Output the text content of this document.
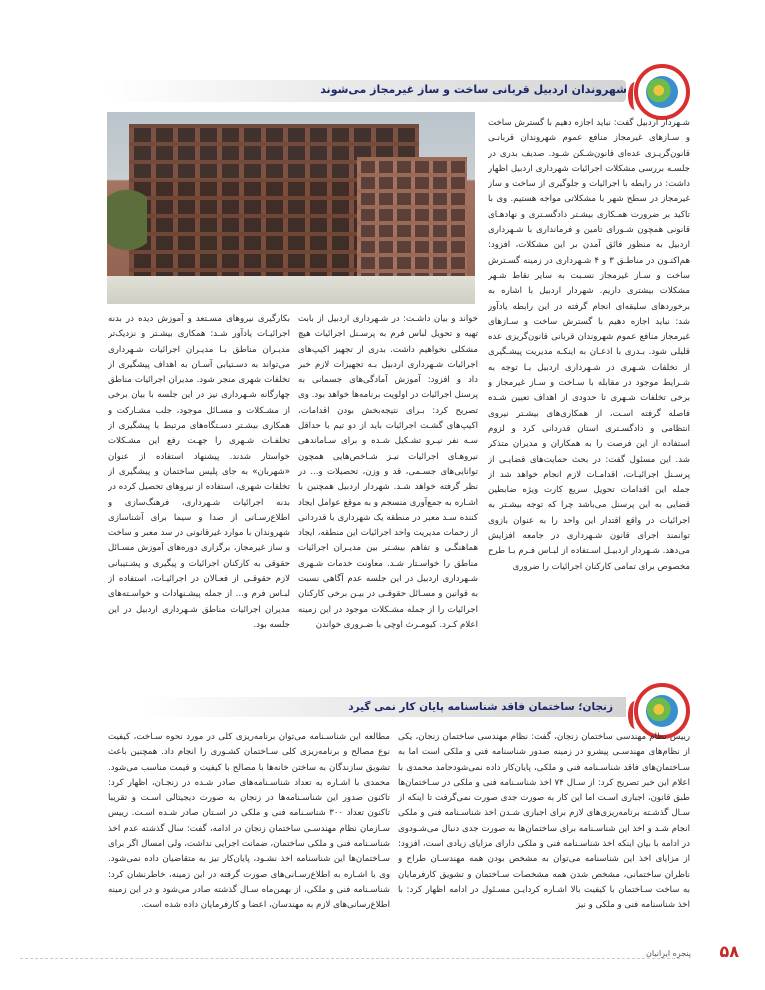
شهروندان اردبیل قربانی ساخت و ساز غیرمجاز می‌شوند

شـهردار اردبیل گفت: نباید اجازه دهیم با گسترش ساخت و سـازهای غیرمجاز منافع عموم شهروندان قربانـی قانون‌گریـزی عده‌ای قانون‌شـکن شـود. صدیف بدری در جلسـه بررسی مشکلات اجرائیات شهرداری اردبیل اظهار داشت: در رابطه با اجرائیات و جلوگیری از ساخت و ساز غیرمجاز در سطح شهر با مشکلاتی مواجه هستیم. وی با تاکید بر ضرورت همـکاری بیشـتر دادگسـتری و نهادهـای قانونی همچون شـورای تامین و فرمانداری با شـهرداری اردبیل به منظور فائق آمدن بر این مشکلات، افزود: هم‌اکنـون در مناطـق ۳ و ۴ شـهرداری در زمینه گسـترش ساخت و سـاز غیرمجاز نسـبت به سایر نقاط شـهر مشکلات بیشتری داریم. شهردار اردبیل با اشاره به برخوردهای سلیقه‌ای انجام گرفته در این رابطه یادآور شد: نباید اجازه دهیم با گسترش ساخت و سـازهای غیرمجاز منافع عموم شهروندان قربانی قانون‌گریزی عده قلیلی شود. بـدری با اذعـان به اینکـه مدیریت پیشـگیری از تخلفات شـهری در شـهرداری اردبیل بـا توجه به شـرایط موجود در مقابله با سـاخت و سـاز غیرمجاز و برخی تخلفات شـهری تا حدودی از اهداف تعیین شـده فاصله گرفته اسـت، از همکاری‌های بیشـتر نیروی انتظامی و دادگسـتری استان قدردانی کرد و لزوم استفاده از این فرصت را به همکاران و مدیران متذکر شد. این مسئول گفت: در بحث حمایت‌های قضایـی از پرسـنل اجرائیـات، اقدامـات لازم انجام خواهد شد از جمله این اقدامات تحویل سریع کارت ویژه ضابطین قضایی به این پرسنل می‌باشد چرا که توجه بیشـتر به اجرائیات در واقع اقتدار این واحد را به عنوان بازوی توانمند اجرای قانون شـهرداری در جامعه افزایش می‌دهد. شـهردار اردبیـل اسـتفاده از لبـاس فـرم بـا طرح مخصوص برای تمامی کارکنان اجرائیات را ضروری

خواند و بیان داشـت: در شـهرداری اردبیل از بابت تهیه و تحویل لباس فرم به پرسـنل اجرائیات هیچ مشکلی نخواهیم داشت. بدری از تجهیز اکیپ‌های اجرائیات شـهرداری اردبیل بـه تجهیزات لازم خبر داد و افزود: آموزش آمادگی‌های جسمانی به پرسنل اجرائیات در اولویت برنامه‌ها خواهد بود. وی تصریح کرد: بـرای نتیجه‌بخش بودن اقدامات، اکیپ‌های گشـت اجرائیات باید از دو تیم با حداقل سـه نفر نیـرو تشـکیل شـده و برای سـاماندهی نیروهـای اجرائیات نیـز شـاخص‌هایی همچون توانایی‌های جسـمی، قد و وزن، تحصیلات و... در نظر گرفته خواهد شـد. شهردار اردبیل همچنین با اشـاره به جمع‌آوری منسجم و به موقع عوامل ایجاد کننده سـد معبر در منطقه یک شهرداری با قدردانی از زحمات مدیریت واحد اجرائیات این منطقه، ایجاد هماهنگـی و تفاهم بیشـتر بین مدیـران اجرائیات مناطق را خواسـتار شـد. معاونت خدمات شـهری شـهرداری اردبیل در این جلسه عدم آگاهی نسبت به قوانین و مسـائل حقوقـی در بیـن برخی کارکنان اجرائیات را از جمله مشـکلات موجود در این زمینه اعلام کـرد. کیومـرث اوچی با ضـروری خواندن

بکارگیری نیروهای مسـتعد و آموزش دیده در بدنه اجرائیـات یادآور شـد: همکاری بیشـتر و نزدیک‌تر مدیـران مناطق بـا مدیـران اجرائیات شـهرداری می‌تواند به دسـتیابی آسـان به اهداف پیشگیری از تخلفات شهری منجر شود. مدیران اجرائیات مناطق چهارگانه شـهرداری نیز در این جلسه با بیان برخی از مشـکلات و مسـائل موجود، جلب مشـارکت و همکاری بیشـتر دسـتگاه‌های مرتبط با پیشگیری از تخلفـات شـهری را جهـت رفع این مشـکلات خواستار شدند. پیشنهاد استفاده از عنوان «شهربان» به جای پلیس ساختمان و پیشگیری از تخلفات شهری، استفاده از نیروهای تحصیل کرده در بدنه اجرائیات شـهرداری، فرهنگ‌سازی و اطلاع‌رسـانی از صدا و سیما برای آشناسازی شهروندان با موارد غیرقانونی در سد معبر و ساخت و ساز غیرمجاز، برگزاری دوره‌های آموزش مسـائل حقوقی به کارکنان اجرائیات و پیگیری و پشـتیبانی لازم حقوقـی از فعـالان در اجرائیـات، استفاده از لبـاس فرم و... از جمله پیشـنهادات و خواسـته‌های مدیران اجرائیات مناطق شـهرداری اردبیل در این جلسه بود.

زنجان؛ ساختمان فاقد شناسنامه پایان کار نمی گیرد

رییس نظام مهندسی ساختمان زنجان، گفت: نظام مهندسی ساختمان زنجان، یکی از نظام‌های مهندسـی پیشرو در زمینه صدور شناسنامه فنی و ملکی است اما به سـاختمان‌های فاقد شناسـنامه فنی و ملکی، پایان‌کار داده نمی‌شودحامد محمدی با اعلام این خبر تصریح کرد: از سـال ۷۴ اخذ شناسـنامه فنی و ملکی در سـاختمان‌ها طبق قانون، اجباری اسـت اما این کار به صورت جدی صورت نمی‌گرفت تا اینکه از سـال گذشـته برنامه‌ریزی‌های لازم برای اجباری شـدن اخذ شناسـنامه فنی و ملکی انجام شـد و اخذ این شناسـنامه برای ساختمان‌ها به صورت جدی دنبال می‌شـودوی در ادامه با بیان اینکه اخذ شناسـنامه فنی و ملکی دارای مزایای زیادی است، افزود: از مزایای اخذ این شناسنامه می‌توان به مشخص بودن همه مهندسـان طراح و ناظران ساختمانی، مشخص شدن همه مشخصات سـاختمان و تشویق کارفرمایان به ساخت سـاختمان با کیفیت بالا اشـاره کردایـن مسـئول در ادامه اظهار کرد: با اخذ شناسنامه فنی و ملکی و نیز

مطالعه این شناسـنامه می‌توان برنامه‌ریزی کلی در مورد نحوه سـاخت، کیفیت نوع مصالح و برنامه‌ریزی کلی سـاختمان کشـوری را انجام داد. همچنین باعث تشویق سازندگان به ساختن خانه‌ها با مصالح با کیفیت و قیمت مناسب می‌شود. محمدی با اشـاره به تعداد شناسـنامه‌های صادر شـده در زنجـان، اظهار کرد: تاکنون صدور این شناسـنامه‌ها در زنجان به صورت دیجیتالی اسـت و تقریبا تاکنون تعداد ۳۰۰ شناسـنامه فنی و ملکی در اسـتان صادر شـده اسـت. رییس سـازمان نظام مهندسـی ساختمان زنجان در ادامه، گفت: سال گذشته عدم اخذ شناسـنامه فنی و ملکی ساختمان، ضمانت اجرایی نداشت، ولی امسال اگر برای سـاختمان‌ها این شناسنامه اخذ نشـود، پایان‌کار نیز به متقاضیان داده نمی‌شود. وی با اشـاره به اطلاع‌رسـانی‌های صورت گرفته در این زمینه، خاطرنشان کرد: شناسـنامه فنی و ملکی، از بهمن‌ماه سـال گذشته صادر می‌شود و در این زمینه اطلاع‌رسانی‌های لازم به مهندسان، اعضا و کارفرمایان داده شده است.

پنجره ایرانیان ۵۸
